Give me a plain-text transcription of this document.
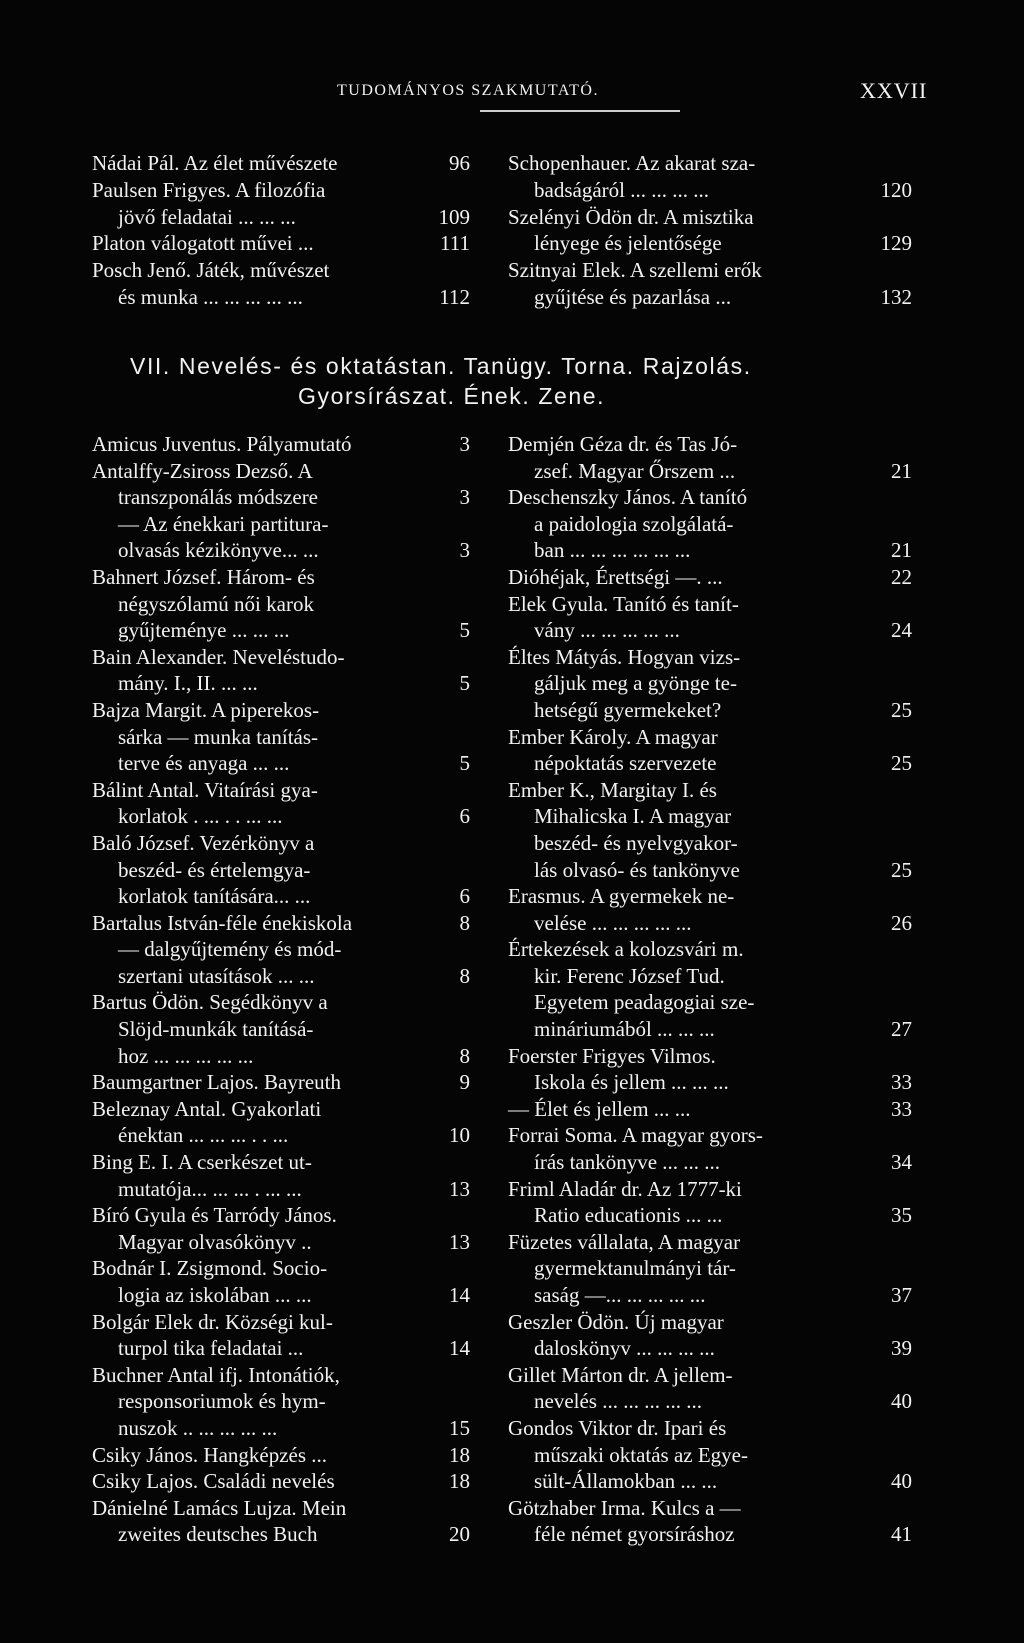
TUDOMÁNYOS SZAKMUTATÓ.	XXVII
Nádai Pál. Az élet művészete	96
Paulsen Frigyes. A filozófia
jövő feladatai ... ... ...	109
Platon válogatott művei ...	111
Posch Jenő. Játék, művészet
és munka ... ... ... ... ...	112
Schopenhauer. Az akarat sza-
badságáról ... ... ... ...	120
Szelényi Ödön dr. A misztika
lényege és jelentősége	129
Szitnyai Elek. A szellemi erők
gyűjtése és pazarlása ...	132
VII. Nevelés- és oktatástan. Tanügy. Torna. Rajzolás.
Gyorsírászat. Ének. Zene.
Amicus Juventus. Pályamutató	3
Antalffy-Zsiross Dezső. A
transzponálás módszere	3
— Az énekkari partitura-
olvasás kézikönyve... ...	3
Bahnert József. Három- és
négyszólamú női karok
gyűjteménye ... ... ...	5
Bain Alexander. Neveléstudo-
mány. I., II. ... ...	5
Bajza Margit. A piperekos-
sárka — munka tanítás-
terve és anyaga ... ...	5
Bálint Antal. Vitaírási gya-
korlatok . ... . . ... ...	6
Baló József. Vezérkönyv a
beszéd- és értelemgya-
korlatok tanítására... ...	6
Bartalus István-féle énekiskola	8
— dalgyűjtemény és mód-
szertani utasítások ... ...	8
Bartus Ödön. Segédkönyv a
Slöjd-munkák tanításá-
hoz ... ... ... ... ...	8
Baumgartner Lajos. Bayreuth	9
Beleznay Antal. Gyakorlati
énektan ... ... ... . . ...	10
Bing E. I. A cserkészet ut-
mutatója... ... ... . ... ...	13
Bíró Gyula és Tarródy János.
Magyar olvasókönyv ..	13
Bodnár I. Zsigmond. Socio-
logia az iskolában ... ...	14
Bolgár Elek dr. Községi kul-
turpol tika feladatai ...	14
Buchner Antal ifj. Intonátiók,
responsoriumok és hym-
nuszok .. ... ... ... ...	15
Csiky János. Hangképzés ...	18
Csiky Lajos. Családi nevelés	18
Dánielné Lamács Lujza. Mein
zweites deutsches Buch	20
Demjén Géza dr. és Tas Jó-
zsef. Magyar Őrszem ...	21
Deschenszky János. A tanító
a paidologia szolgálatá-
ban ... ... ... ... ... ...	21
Dióhéjak, Érettségi —. ...	22
Elek Gyula. Tanító és tanít-
vány ... ... ... ... ...	24
Éltes Mátyás. Hogyan vizs-
gáljuk meg a gyönge te-
hetségű gyermekeket?	25
Ember Károly. A magyar
népoktatás szervezete	25
Ember K., Margitay I. és
Mihalicska I. A magyar
beszéd- és nyelvgyakor-
lás olvasó- és tankönyve	25
Erasmus. A gyermekek ne-
velése ... ... ... ... ...	26
Értekezések a kolozsvári m.
kir. Ferenc József Tud.
Egyetem peadagogiai sze-
mináriumából ... ... ...	27
Foerster Frigyes Vilmos.
Iskola és jellem ... ... ...	33
— Élet és jellem ... ...	33
Forrai Soma. A magyar gyors-
írás tankönyve ... ... ...	34
Friml Aladár dr. Az 1777-ki
Ratio educationis ... ...	35
Füzetes vállalata, A magyar
gyermektanulmányi tár-
saság —... ... ... ... ...	37
Geszler Ödön. Új magyar
daloskönyv ... ... ... ...	39
Gillet Márton dr. A jellem-
nevelés ... ... ... ... ...	40
Gondos Viktor dr. Ipari és
műszaki oktatás az Egye-
sült-Államokban ... ...	40
Götzhaber Irma. Kulcs a —
féle német gyorsíráshoz	41
